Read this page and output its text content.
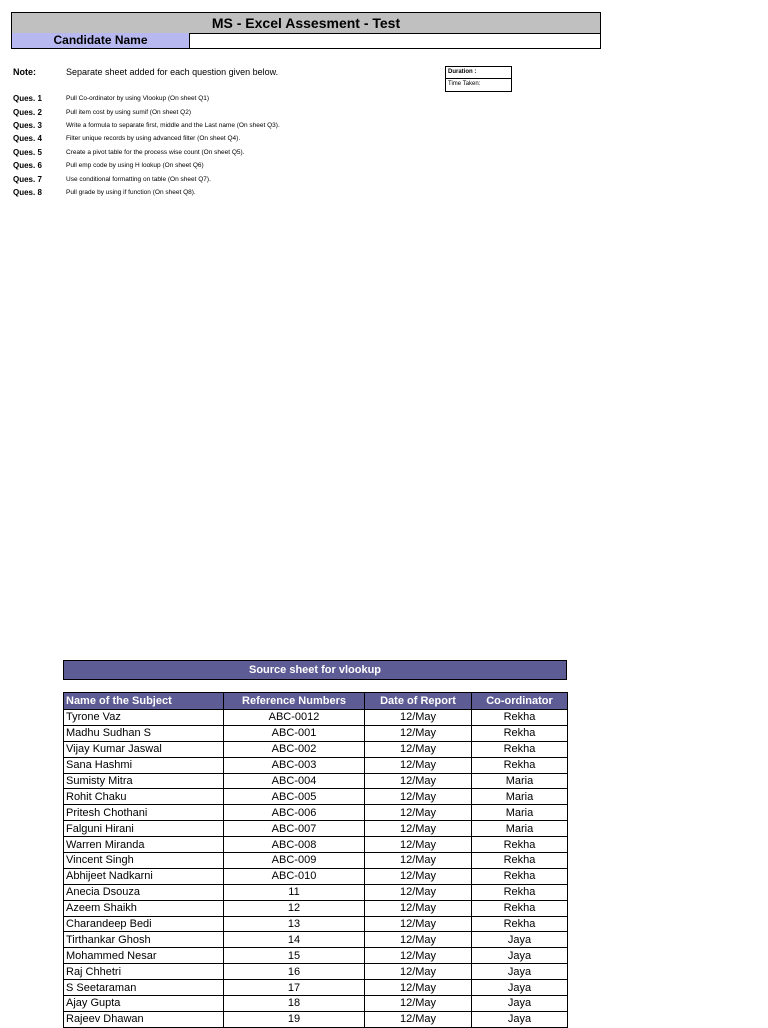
MS - Excel Assesment - Test
Candidate Name
Note:	Separate sheet added for each question given below.	Duration :
Time Taken:
Ques. 1	Pull Co-ordinator by using Vlookup (On sheet Q1)
Ques. 2	Pull item cost by using sumif (On sheet Q2)
Ques. 3	Write a formula to separate first, middle and the Last name (On sheet Q3).
Ques. 4	Filter unique records by using advanced filter (On sheet Q4).
Ques. 5	Create a pivot table for the process wise count (On sheet Q5).
Ques. 6	Pull emp code by using H lookup (On sheet Q6)
Ques. 7	Use conditional formatting on table (On sheet Q7).
Ques. 8	Pull grade by using if function (On sheet Q8).
Source sheet for vlookup
Name of the Subject	Reference Numbers	Date of Report	Co-ordinator
Tyrone Vaz	ABC-0012	12/May	Rekha
Madhu Sudhan S	ABC-001	12/May	Rekha
Vijay Kumar Jaswal	ABC-002	12/May	Rekha
Sana Hashmi	ABC-003	12/May	Rekha
Sumisty Mitra	ABC-004	12/May	Maria
Rohit Chaku	ABC-005	12/May	Maria
Pritesh Chothani	ABC-006	12/May	Maria
Falguni Hirani	ABC-007	12/May	Maria
Warren Miranda	ABC-008	12/May	Rekha
Vincent Singh	ABC-009	12/May	Rekha
Abhijeet Nadkarni	ABC-010	12/May	Rekha
Anecia Dsouza	11	12/May	Rekha
Azeem Shaikh	12	12/May	Rekha
Charandeep Bedi	13	12/May	Rekha
Tirthankar Ghosh	14	12/May	Jaya
Mohammed Nesar	15	12/May	Jaya
Raj Chhetri	16	12/May	Jaya
S Seetaraman	17	12/May	Jaya
Ajay Gupta	18	12/May	Jaya
Rajeev Dhawan	19	12/May	Jaya
